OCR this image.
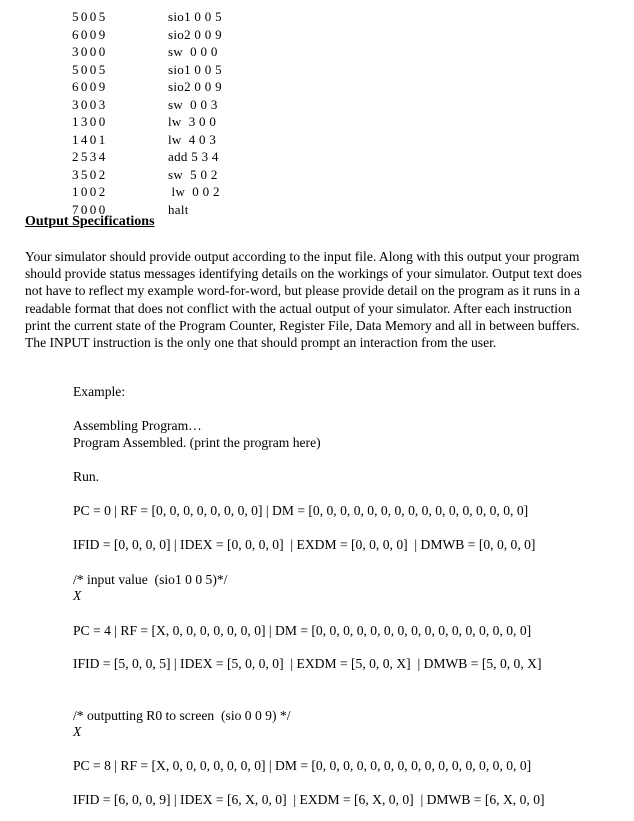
5005	sio1 0 0 5
6009	sio2 0 0 9
3000	sw  0 0 0
5005	sio1 0 0 5
6009	sio2 0 0 9
3003	sw  0 0 3
1300	lw  3 0 0
1401	lw  4 0 3
2534	add 5 3 4
3502	sw  5 0 2
1002	lw  0 0 2
7000	halt
Output Specifications

Your simulator should provide output according to the input file. Along with this output your program should provide status messages identifying details on the workings of your simulator. Output text does not have to reflect my example word-for-word, but please provide detail on the program as it runs in a readable format that does not conflict with the actual output of your simulator. After each instruction print the current state of the Program Counter, Register File, Data Memory and all in between buffers. The INPUT instruction is the only one that should prompt an interaction from the user.

Example:
Assembling Program…
Program Assembled. (print the program here)
Run.
PC = 0 | RF = [0, 0, 0, 0, 0, 0, 0, 0] | DM = [0, 0, 0, 0, 0, 0, 0, 0, 0, 0, 0, 0, 0, 0, 0, 0]
IFID = [0, 0, 0, 0] | IDEX = [0, 0, 0, 0]  | EXDM = [0, 0, 0, 0]  | DMWB = [0, 0, 0, 0]
/* input value  (sio1 0 0 5)*/
X
PC = 4 | RF = [X, 0, 0, 0, 0, 0, 0, 0] | DM = [0, 0, 0, 0, 0, 0, 0, 0, 0, 0, 0, 0, 0, 0, 0, 0]
IFID = [5, 0, 0, 5] | IDEX = [5, 0, 0, 0]  | EXDM = [5, 0, 0, X]  | DMWB = [5, 0, 0, X]
/* outputting R0 to screen  (sio 0 0 9) */
X
PC = 8 | RF = [X, 0, 0, 0, 0, 0, 0, 0] | DM = [0, 0, 0, 0, 0, 0, 0, 0, 0, 0, 0, 0, 0, 0, 0, 0]
IFID = [6, 0, 0, 9] | IDEX = [6, X, 0, 0]  | EXDM = [6, X, 0, 0]  | DMWB = [6, X, 0, 0]
